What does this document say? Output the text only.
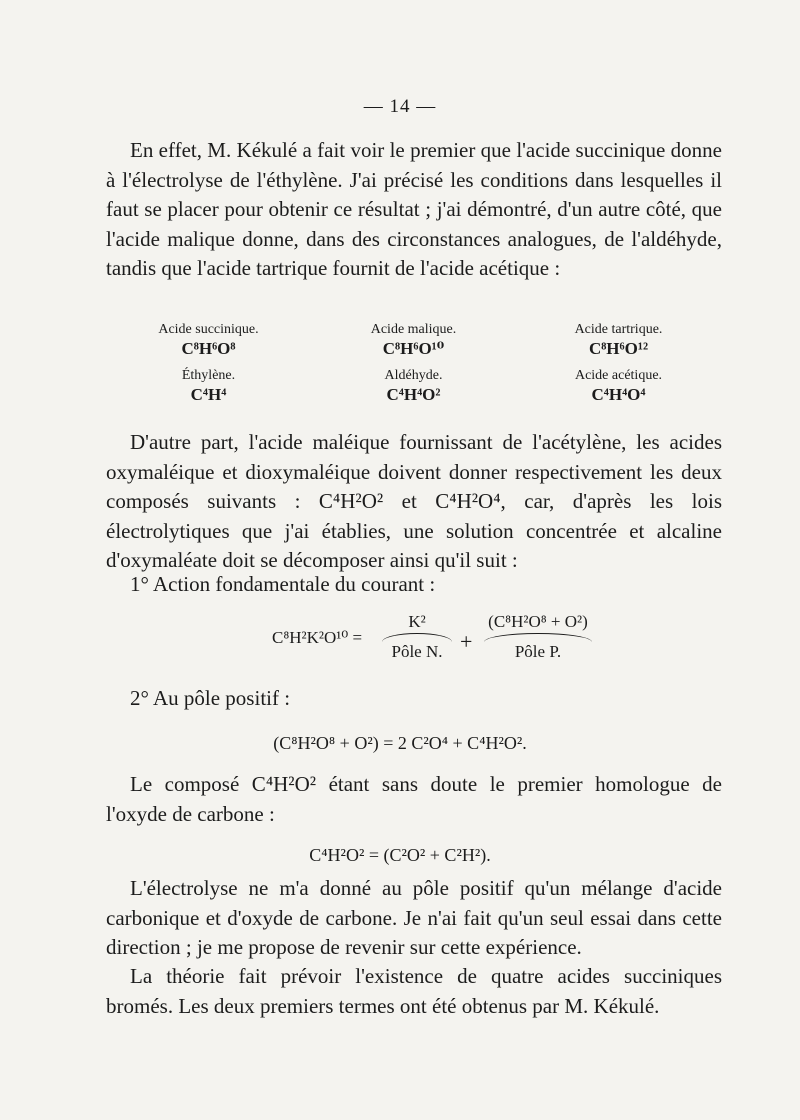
— 14 —
En effet, M. Kékulé a fait voir le premier que l'acide succinique donne à l'électrolyse de l'éthylène. J'ai précisé les conditions dans lesquelles il faut se placer pour obtenir ce résultat ; j'ai démontré, d'un autre côté, que l'acide malique donne, dans des circonstances analogues, de l'aldéhyde, tandis que l'acide tartrique fournit de l'acide acétique :
Acide succinique.
C⁸H⁶O⁸
Éthylène.
C⁴H⁴
Acide malique.
C⁸H⁶O¹⁰
Aldéhyde.
C⁴H⁴O²
Acide tartrique.
C⁸H⁶O¹²
Acide acétique.
C⁴H⁴O⁴
D'autre part, l'acide maléique fournissant de l'acétylène, les acides oxymaléique et dioxymaléique doivent donner respectivement les deux composés suivants : C⁴H²O² et C⁴H²O⁴, car, d'après les lois électrolytiques que j'ai établies, une solution concentrée et alcaline d'oxymaléate doit se décomposer ainsi qu'il suit :
1° Action fondamentale du courant :
C⁸H²K²O¹⁰ =
K²
Pôle N. +
(C⁸H²O⁸ + O²)
Pôle P.
2° Au pôle positif :
(C⁸H²O⁸ + O²) = 2 C²O⁴ + C⁴H²O².
Le composé C⁴H²O² étant sans doute le premier homologue de l'oxyde de carbone :
C⁴H²O² = (C²O² + C²H²).
L'électrolyse ne m'a donné au pôle positif qu'un mélange d'acide carbonique et d'oxyde de carbone. Je n'ai fait qu'un seul essai dans cette direction ; je me propose de revenir sur cette expérience.
La théorie fait prévoir l'existence de quatre acides succiniques bromés. Les deux premiers termes ont été obtenus par M. Kékulé.
